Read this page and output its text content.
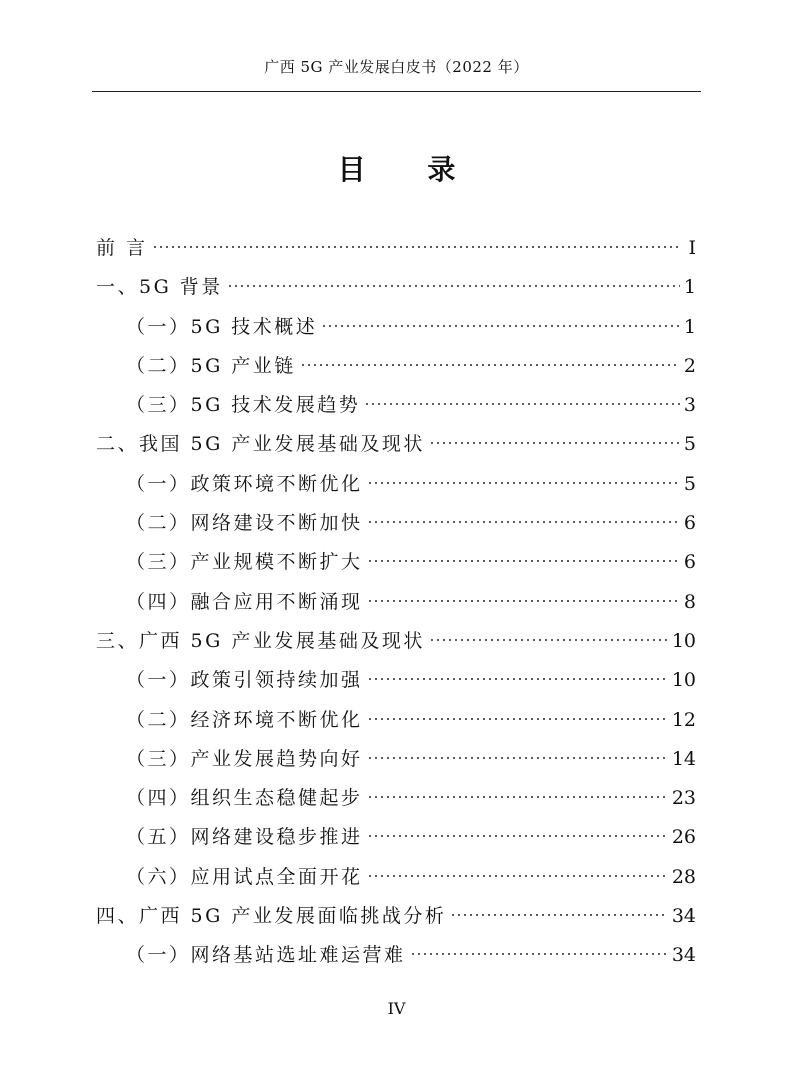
广西 5G 产业发展白皮书（2022 年）
目 录
前 言	I
一、5G 背景	1
（一）5G 技术概述	1
（二）5G 产业链	2
（三）5G 技术发展趋势	3
二、我国 5G 产业发展基础及现状	5
（一）政策环境不断优化	5
（二）网络建设不断加快	6
（三）产业规模不断扩大	6
（四）融合应用不断涌现	8
三、广西 5G 产业发展基础及现状	10
（一）政策引领持续加强	10
（二）经济环境不断优化	12
（三）产业发展趋势向好	14
（四）组织生态稳健起步	23
（五）网络建设稳步推进	26
（六）应用试点全面开花	28
四、广西 5G 产业发展面临挑战分析	34
（一）网络基站选址难运营难	34
IV
